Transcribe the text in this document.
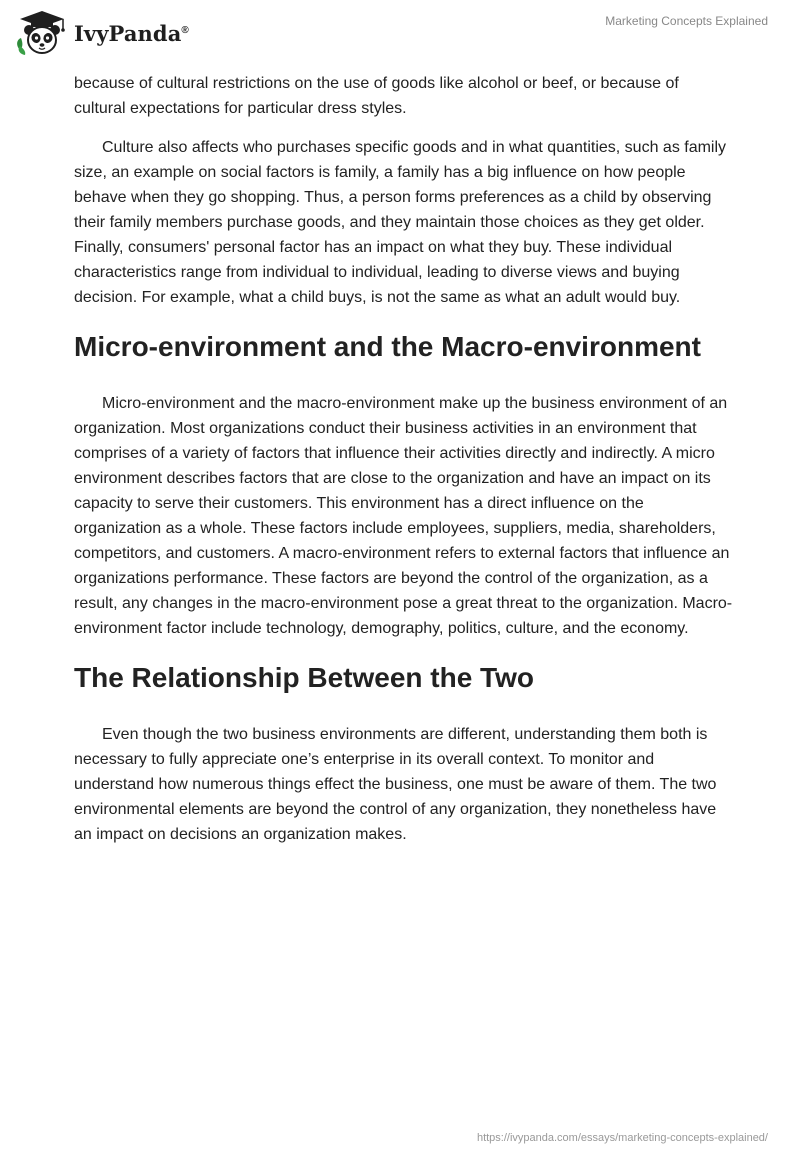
IvyPanda®
Marketing Concepts Explained

because of cultural restrictions on the use of goods like alcohol or beef, or because of cultural expectations for particular dress styles.

Culture also affects who purchases specific goods and in what quantities, such as family size, an example on social factors is family, a family has a big influence on how people behave when they go shopping. Thus, a person forms preferences as a child by observing their family members purchase goods, and they maintain those choices as they get older. Finally, consumers' personal factor has an impact on what they buy. These individual characteristics range from individual to individual, leading to diverse views and buying decision. For example, what a child buys, is not the same as what an adult would buy.

Micro-environment and the Macro-environment

Micro-environment and the macro-environment make up the business environment of an organization. Most organizations conduct their business activities in an environment that comprises of a variety of factors that influence their activities directly and indirectly. A micro environment describes factors that are close to the organization and have an impact on its capacity to serve their customers. This environment has a direct influence on the organization as a whole. These factors include employees, suppliers, media, shareholders, competitors, and customers. A macro-environment refers to external factors that influence an organizations performance. These factors are beyond the control of the organization, as a result, any changes in the macro-environment pose a great threat to the organization. Macro-environment factor include technology, demography, politics, culture, and the economy.

The Relationship Between the Two

Even though the two business environments are different, understanding them both is necessary to fully appreciate one’s enterprise in its overall context. To monitor and understand how numerous things effect the business, one must be aware of them. The two environmental elements are beyond the control of any organization, they nonetheless have an impact on decisions an organization makes.

https://ivypanda.com/essays/marketing-concepts-explained/
